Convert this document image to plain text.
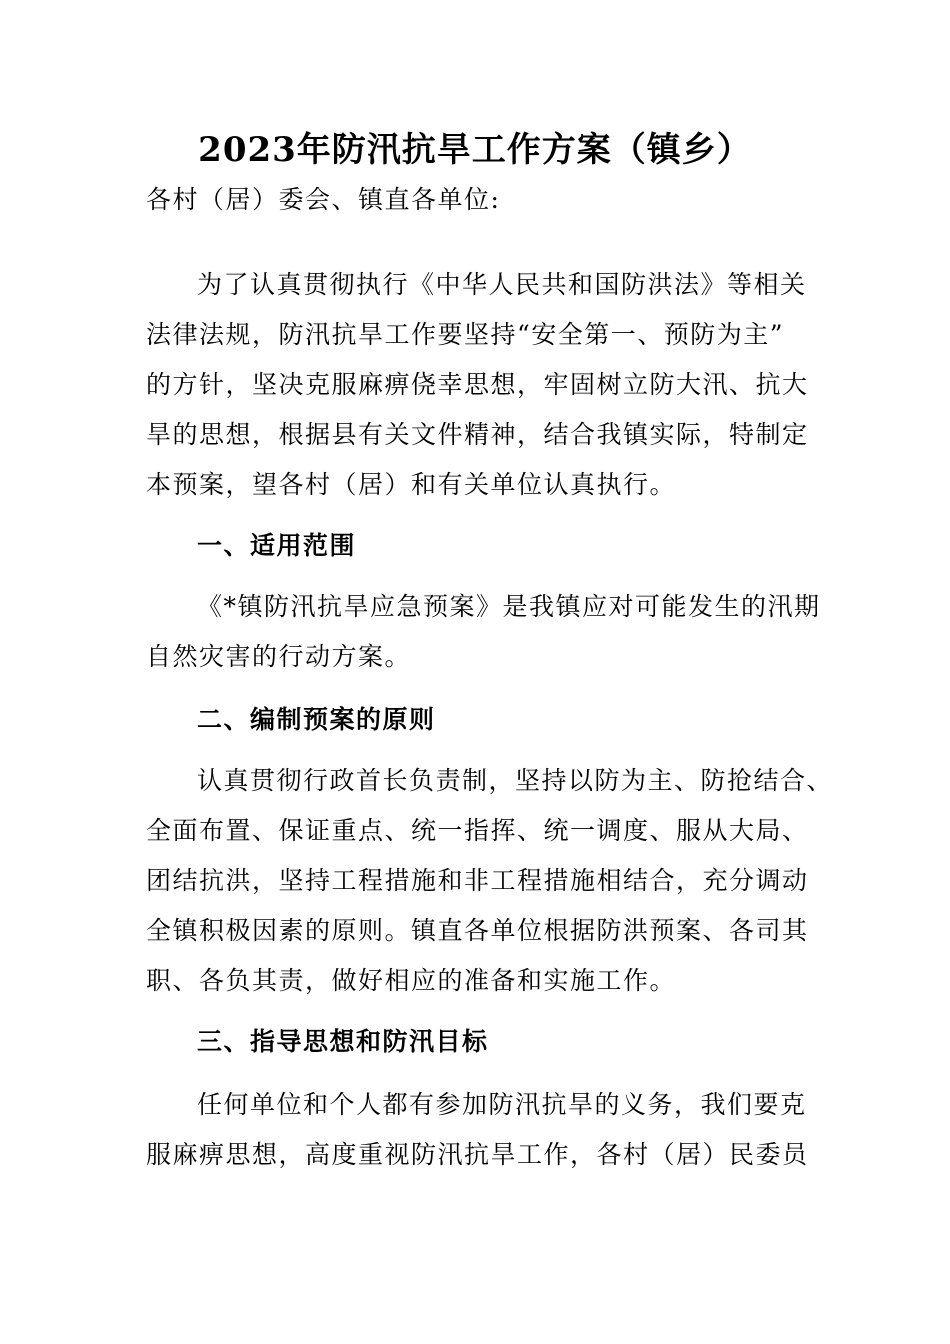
2023年防汛抗旱工作方案（镇乡）
各村（居）委会、镇直各单位:
为了认真贯彻执行《中华人民共和国防洪法》等相关
法律法规，防汛抗旱工作要坚持“安全第一、预防为主”
的方针，坚决克服麻痹侥幸思想，牢固树立防大汛、抗大
旱的思想，根据县有关文件精神，结合我镇实际，特制定
本预案，望各村（居）和有关单位认真执行。
一、适用范围
《*镇防汛抗旱应急预案》是我镇应对可能发生的汛期
自然灾害的行动方案。
二、编制预案的原则
认真贯彻行政首长负责制，坚持以防为主、防抢结合、
全面布置、保证重点、统一指挥、统一调度、服从大局、
团结抗洪，坚持工程措施和非工程措施相结合，充分调动
全镇积极因素的原则。镇直各单位根据防洪预案、各司其
职、各负其责，做好相应的准备和实施工作。
三、指导思想和防汛目标
任何单位和个人都有参加防汛抗旱的义务，我们要克
服麻痹思想，高度重视防汛抗旱工作，各村（居）民委员
